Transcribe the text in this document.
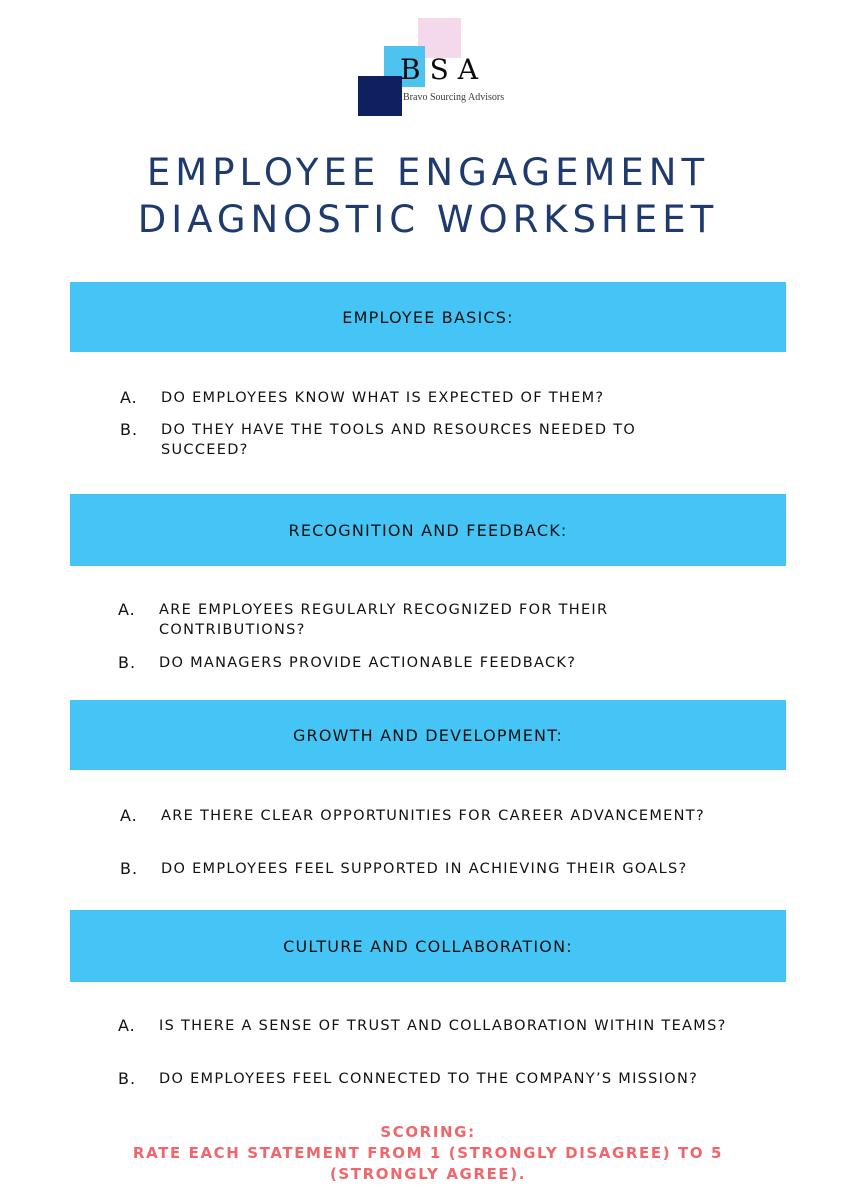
BSA
Bravo Sourcing Advisors
EMPLOYEE ENGAGEMENT
DIAGNOSTIC WORKSHEET
EMPLOYEE BASICS:
A. DO EMPLOYEES KNOW WHAT IS EXPECTED OF THEM?
B. DO THEY HAVE THE TOOLS AND RESOURCES NEEDED TO SUCCEED?
RECOGNITION AND FEEDBACK:
A. ARE EMPLOYEES REGULARLY RECOGNIZED FOR THEIR CONTRIBUTIONS?
B. DO MANAGERS PROVIDE ACTIONABLE FEEDBACK?
GROWTH AND DEVELOPMENT:
A. ARE THERE CLEAR OPPORTUNITIES FOR CAREER ADVANCEMENT?
B. DO EMPLOYEES FEEL SUPPORTED IN ACHIEVING THEIR GOALS?
CULTURE AND COLLABORATION:
A. IS THERE A SENSE OF TRUST AND COLLABORATION WITHIN TEAMS?
B. DO EMPLOYEES FEEL CONNECTED TO THE COMPANY’S MISSION?
SCORING:
RATE EACH STATEMENT FROM 1 (STRONGLY DISAGREE) TO 5
(STRONGLY AGREE).
